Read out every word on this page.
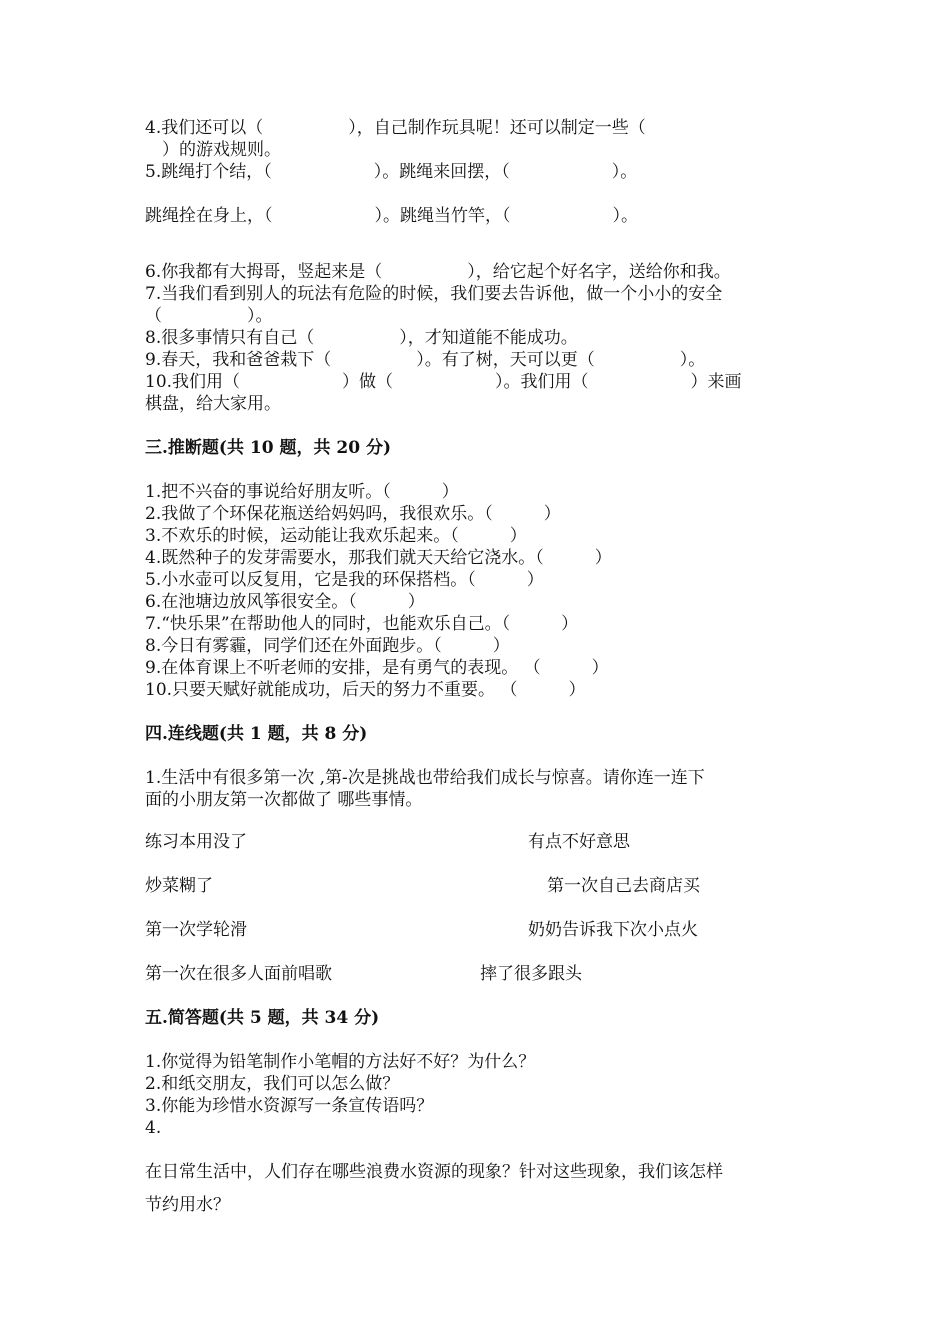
4.我们还可以（　　　　　），自己制作玩具呢！还可以制定一些（
　）的游戏规则。
5.跳绳打个结，（　　　　　　）。跳绳来回摆，（　　　　　　）。
跳绳拴在身上，（　　　　　　）。跳绳当竹竿，（　　　　　　）。
6.你我都有大拇哥，竖起来是（　　　　　），给它起个好名字，送给你和我。
7.当我们看到别人的玩法有危险的时候，我们要去告诉他，做一个小小的安全
（　　　　　）。
8.很多事情只有自己（　　　　　），才知道能不能成功。
9.春天，我和爸爸栽下（　　　　　）。有了树，天可以更（　　　　　）。
10.我们用（　　　　　　）做（　　　　　　）。我们用（　　　　　　）来画
棋盘，给大家用。
三.推断题(共 10 题，共 20 分)
1.把不兴奋的事说给好朋友听。（　　　）
2.我做了个环保花瓶送给妈妈吗，我很欢乐。（　　　）
3.不欢乐的时候，运动能让我欢乐起来。（　　　）
4.既然种子的发芽需要水，那我们就天天给它浇水。（　　　）
5.小水壶可以反复用，它是我的环保搭档。（　　　）
6.在池塘边放风筝很安全。（　　　）
7.“快乐果”在帮助他人的同时，也能欢乐自己。（　　　）
8.今日有雾霾，同学们还在外面跑步。（　　　）
9.在体育课上不听老师的安排，是有勇气的表现。 （　　　）
10.只要天赋好就能成功，后天的努力不重要。 （　　　）
四.连线题(共 1 题，共 8 分)
1.生活中有很多第一次 ,第-次是挑战也带给我们成长与惊喜。请你连一连下
面的小朋友第一次都做了 哪些事情。
练习本用没了	有点不好意思
炒菜糊了	第一次自己去商店买
第一次学轮滑	奶奶告诉我下次小点火
第一次在很多人面前唱歌	摔了很多跟头
五.简答题(共 5 题，共 34 分)
1.你觉得为铅笔制作小笔帽的方法好不好？为什么？
2.和纸交朋友，我们可以怎么做？
3.你能为珍惜水资源写一条宣传语吗？
4.
在日常生活中，人们存在哪些浪费水资源的现象？针对这些现象，我们该怎样
节约用水？
